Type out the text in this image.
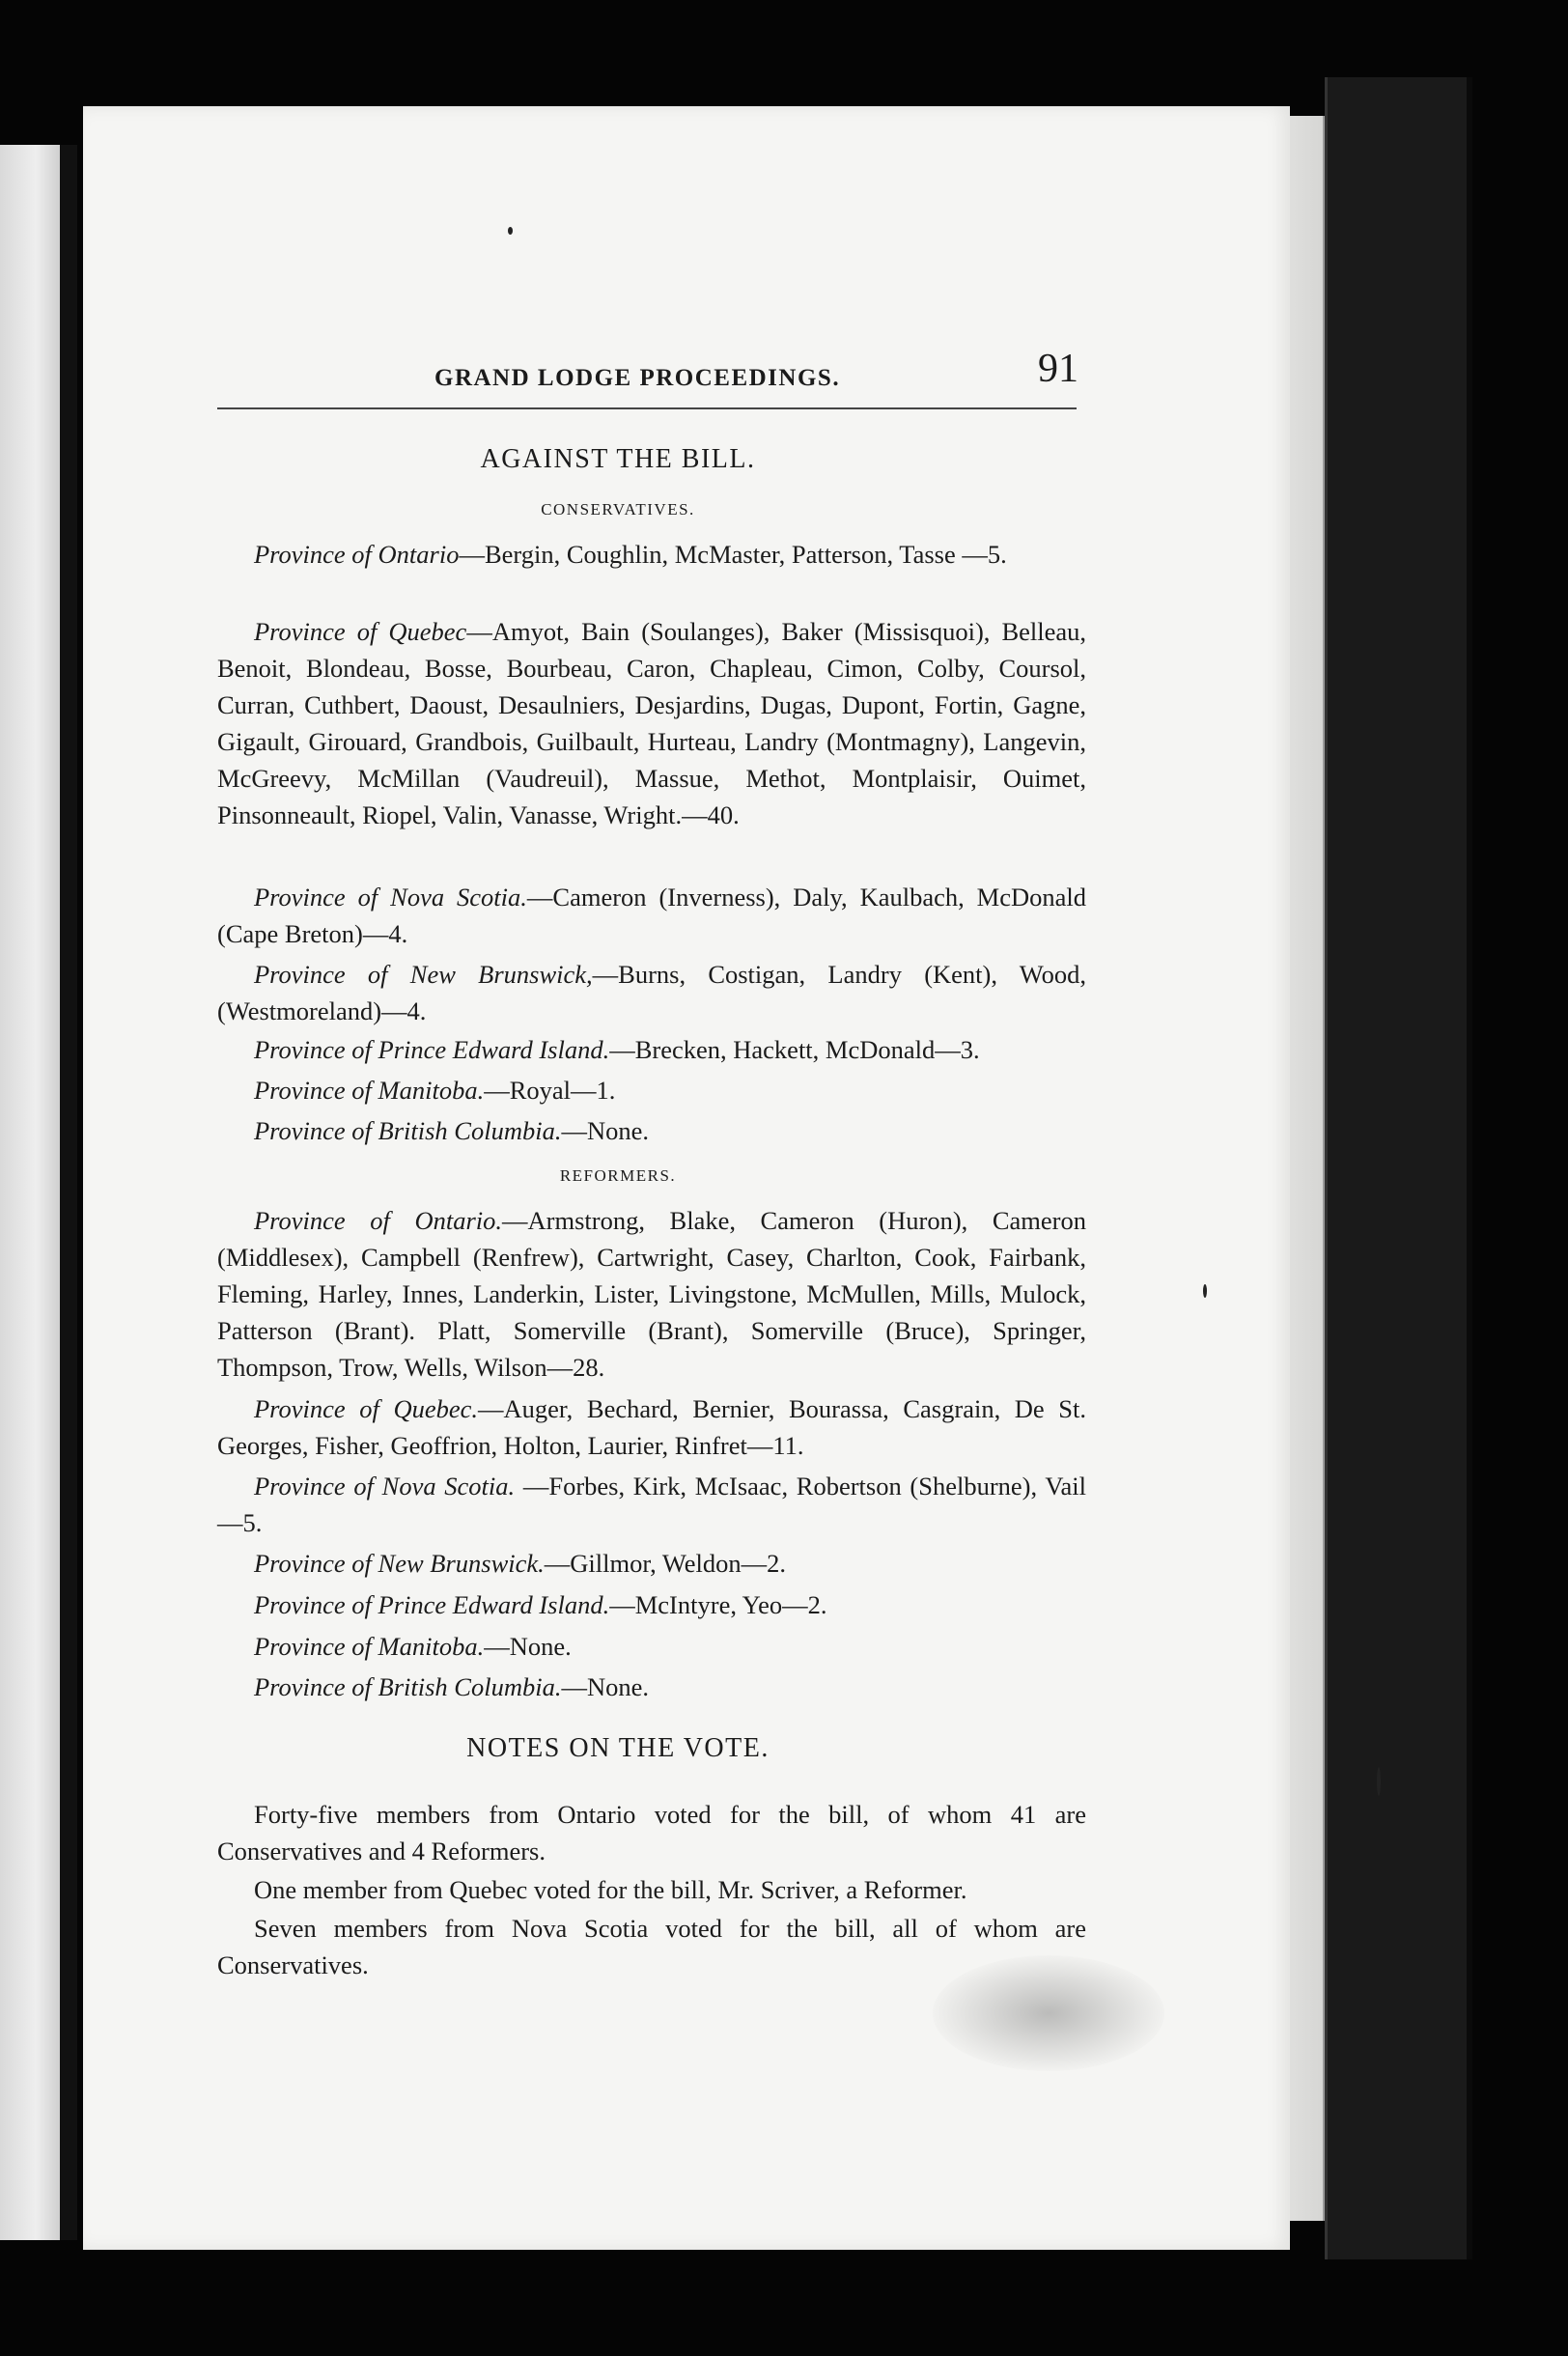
GRAND LODGE PROCEEDINGS.	91
AGAINST THE BILL.
CONSERVATIVES.
Province of Ontario—Bergin, Coughlin, McMaster, Patterson, Tasse —5.
Province of Quebec—Amyot, Bain (Soulanges), Baker (Missisquoi), Belleau, Benoit, Blondeau, Bosse, Bourbeau, Caron, Chapleau, Cimon, Colby, Coursol, Curran, Cuthbert, Daoust, Desaulniers, Desjardins, Dugas, Dupont, Fortin, Gagne, Gigault, Girouard, Grandbois, Guilbault, Hurteau, Landry (Montmagny), Langevin, McGreevy, McMillan (Vaudreuil), Massue, Methot, Montplaisir, Ouimet, Pinsonneault, Riopel, Valin, Vanasse, Wright.—40.
Province of Nova Scotia.—Cameron (Inverness), Daly, Kaulbach, McDonald (Cape Breton)—4.
Province of New Brunswick,—Burns, Costigan, Landry (Kent), Wood, (Westmoreland)—4.
Province of Prince Edward Island.—Brecken, Hackett, McDonald—3.
Province of Manitoba.—Royal—1.
Province of British Columbia.—None.
REFORMERS.
Province of Ontario.—Armstrong, Blake, Cameron (Huron), Cameron (Middlesex), Campbell (Renfrew), Cartwright, Casey, Charlton, Cook, Fairbank, Fleming, Harley, Innes, Landerkin, Lister, Livingstone, McMullen, Mills, Mulock, Patterson (Brant). Platt, Somerville (Brant), Somerville (Bruce), Springer, Thompson, Trow, Wells, Wilson—28.
Province of Quebec.—Auger, Bechard, Bernier, Bourassa, Casgrain, De St. Georges, Fisher, Geoffrion, Holton, Laurier, Rinfret—11.
Province of Nova Scotia. —Forbes, Kirk, McIsaac, Robertson (Shelburne), Vail—5.
Province of New Brunswick.—Gillmor, Weldon—2.
Province of Prince Edward Island.—McIntyre, Yeo—2.
Province of Manitoba.—None.
Province of British Columbia.—None.
NOTES ON THE VOTE.
Forty-five members from Ontario voted for the bill, of whom 41 are Conservatives and 4 Reformers.
One member from Quebec voted for the bill, Mr. Scriver, a Reformer.
Seven members from Nova Scotia voted for the bill, all of whom are Conservatives.
